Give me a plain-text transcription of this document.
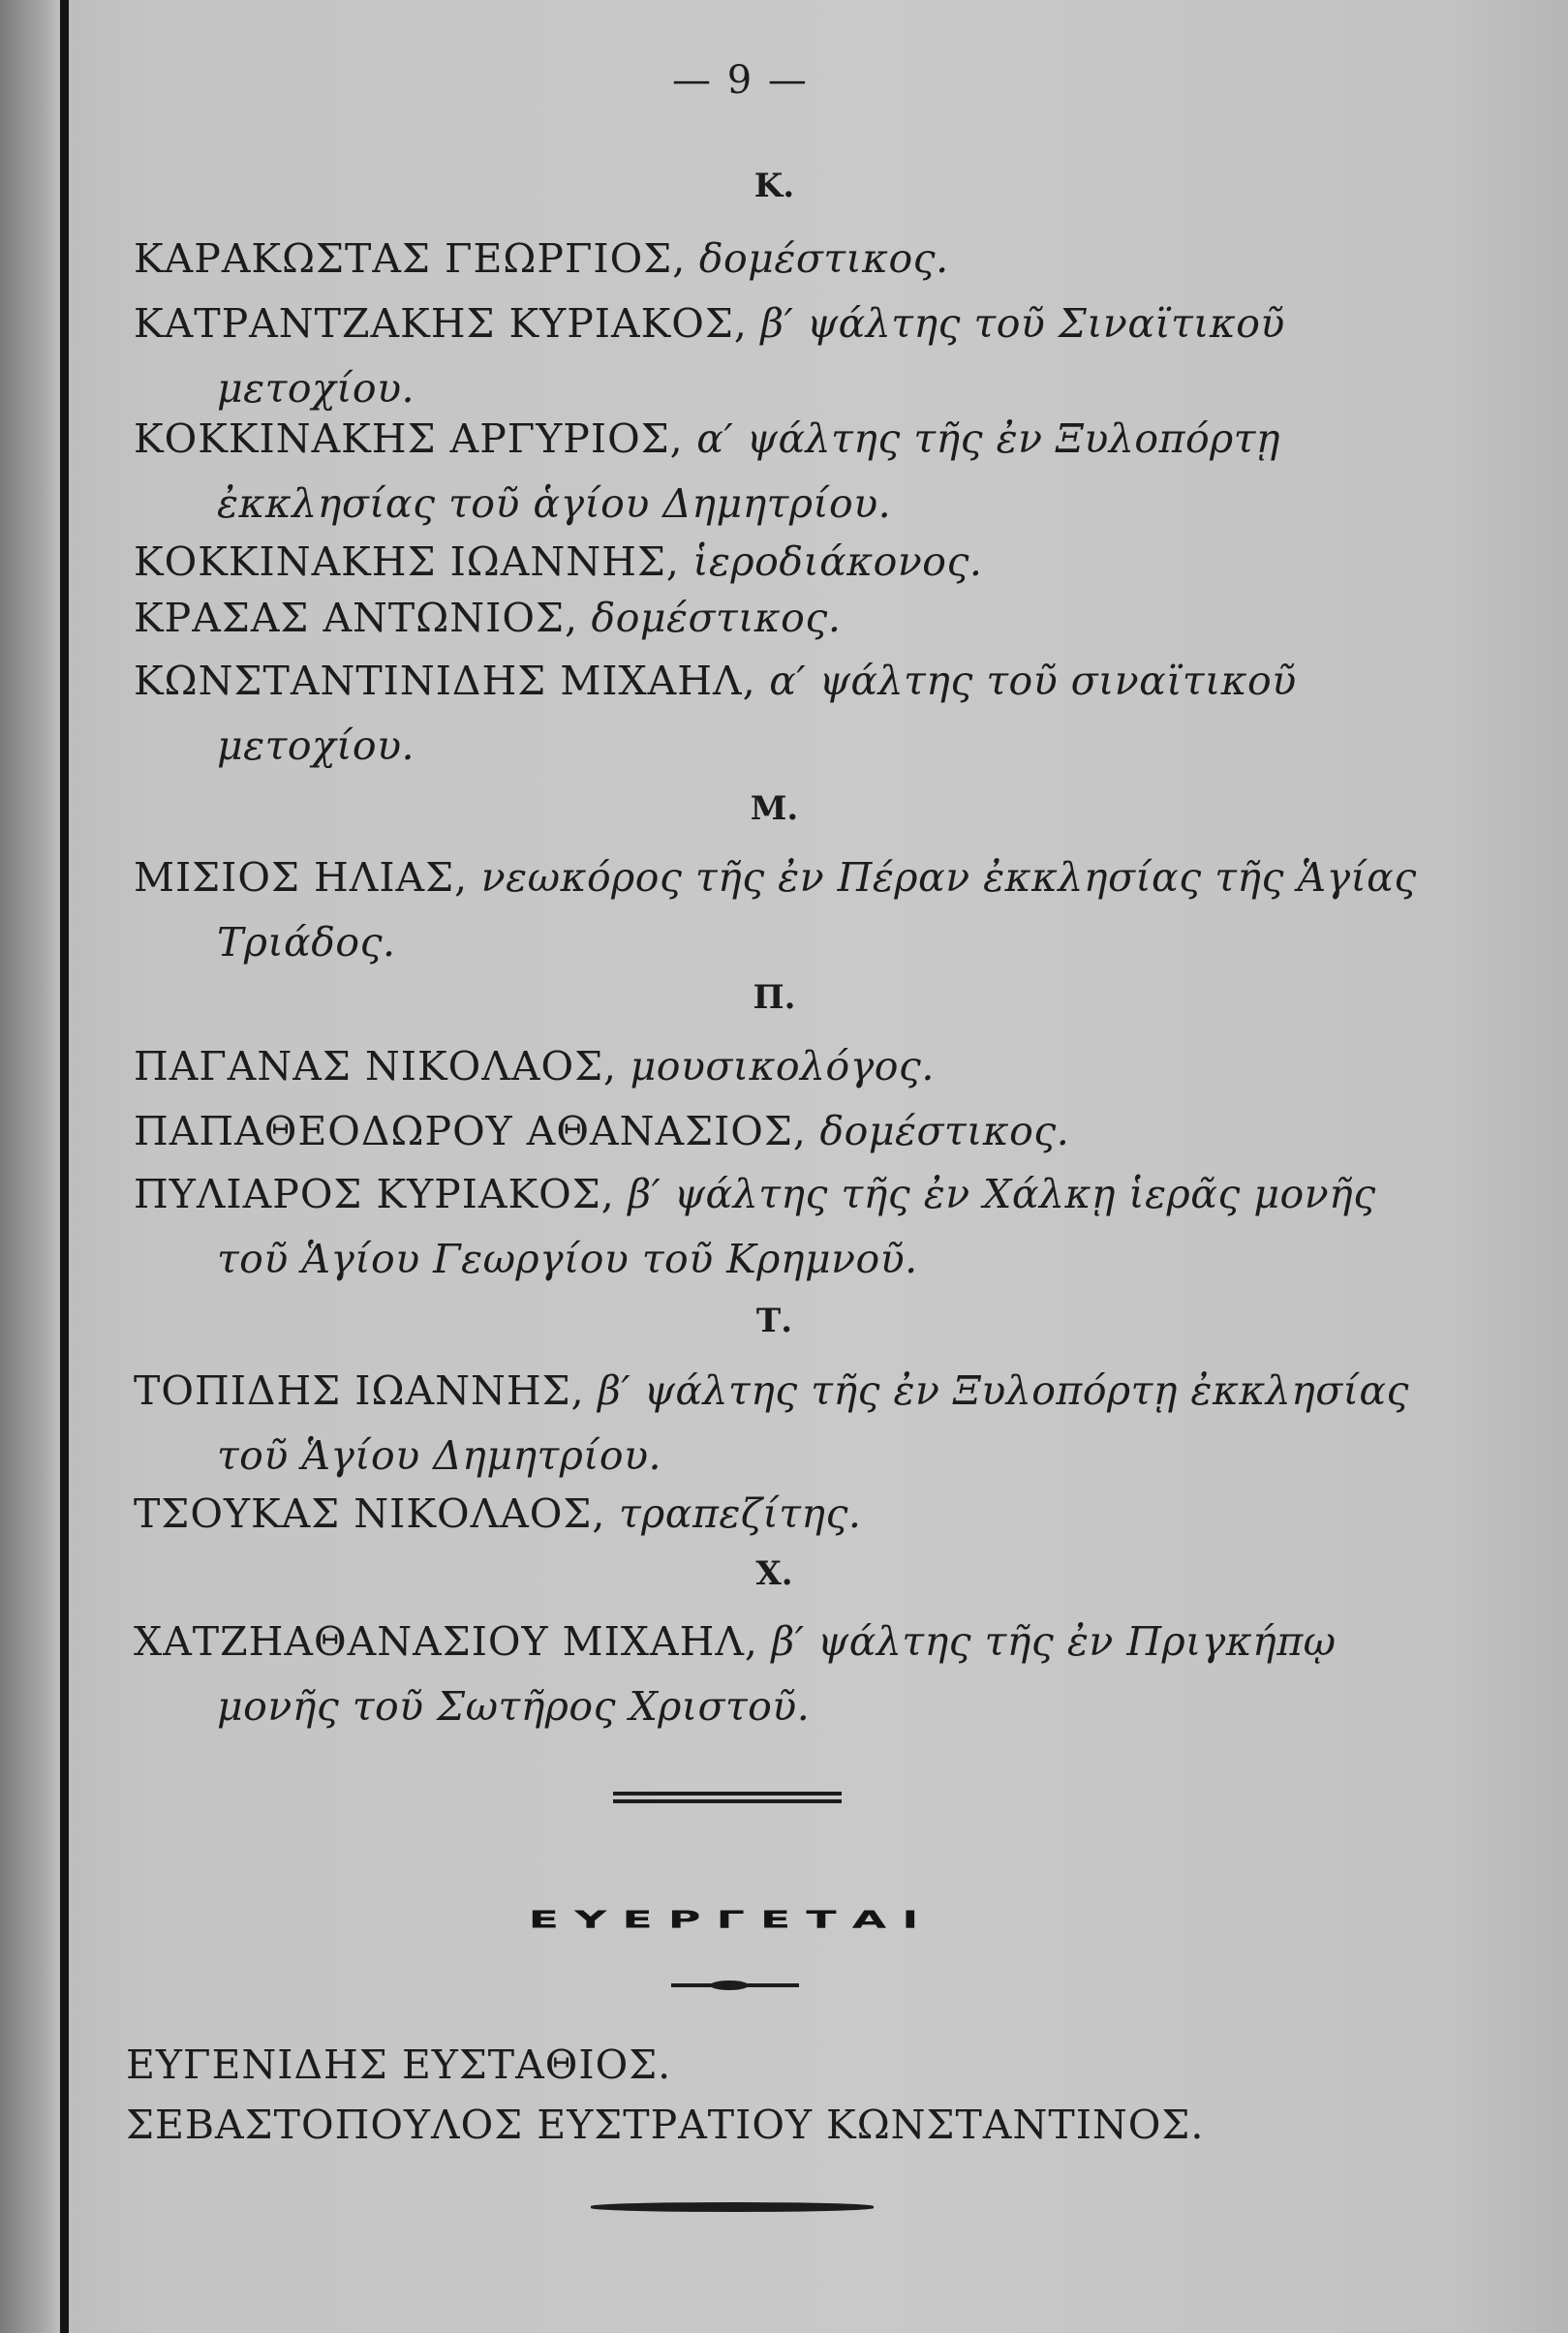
— 9 —
Κ.
ΚΑΡΑΚΩΣΤΑΣ ΓΕΩΡΓΙΟΣ, δομέστικος.
ΚΑΤΡΑΝΤΖΑΚΗΣ ΚΥΡΙΑΚΟΣ, β′ ψάλτης τοῦ Σιναϊτικοῦ μετοχίου.
ΚΟΚΚΙΝΑΚΗΣ ΑΡΓΥΡΙΟΣ, α′ ψάλτης τῆς ἐν Ξυλοπόρτῃ ἐκκλησίας τοῦ ἁγίου Δημητρίου.
ΚΟΚΚΙΝΑΚΗΣ ΙΩΑΝΝΗΣ, ἱεροδιάκονος.
ΚΡΑΣΑΣ ΑΝΤΩΝΙΟΣ, δομέστικος.
ΚΩΝΣΤΑΝΤΙΝΙΔΗΣ ΜΙΧΑΗΛ, α′ ψάλτης τοῦ σιναϊτικοῦ μετοχίου.
Μ.
ΜΙΣΙΟΣ ΗΛΙΑΣ, νεωκόρος τῆς ἐν Πέραν ἐκκλησίας τῆς Ἁγίας Τριάδος.
Π.
ΠΑΓΑΝΑΣ ΝΙΚΟΛΑΟΣ, μουσικολόγος.
ΠΑΠΑΘΕΟΔΩΡΟΥ ΑΘΑΝΑΣΙΟΣ, δομέστικος.
ΠΥΛΙΑΡΟΣ ΚΥΡΙΑΚΟΣ, β′ ψάλτης τῆς ἐν Χάλκῃ ἱερᾶς μονῆς τοῦ Ἁγίου Γεωργίου τοῦ Κρημνοῦ.
Τ.
ΤΟΠΙΔΗΣ ΙΩΑΝΝΗΣ, β′ ψάλτης τῆς ἐν Ξυλοπόρτῃ ἐκκλησίας τοῦ Ἁγίου Δημητρίου.
ΤΣΟΥΚΑΣ ΝΙΚΟΛΑΟΣ, τραπεζίτης.
Χ.
ΧΑΤΖΗΑΘΑΝΑΣΙΟΥ ΜΙΧΑΗΛ, β′ ψάλτης τῆς ἐν Πριγκήπῳ μονῆς τοῦ Σωτῆρος Χριστοῦ.
ΕΥΕΡΓΕΤΑΙ
ΕΥΓΕΝΙΔΗΣ ΕΥΣΤΑΘΙΟΣ.
ΣΕΒΑΣΤΟΠΟΥΛΟΣ ΕΥΣΤΡΑΤΙΟΥ ΚΩΝΣΤΑΝΤΙΝΟΣ.
